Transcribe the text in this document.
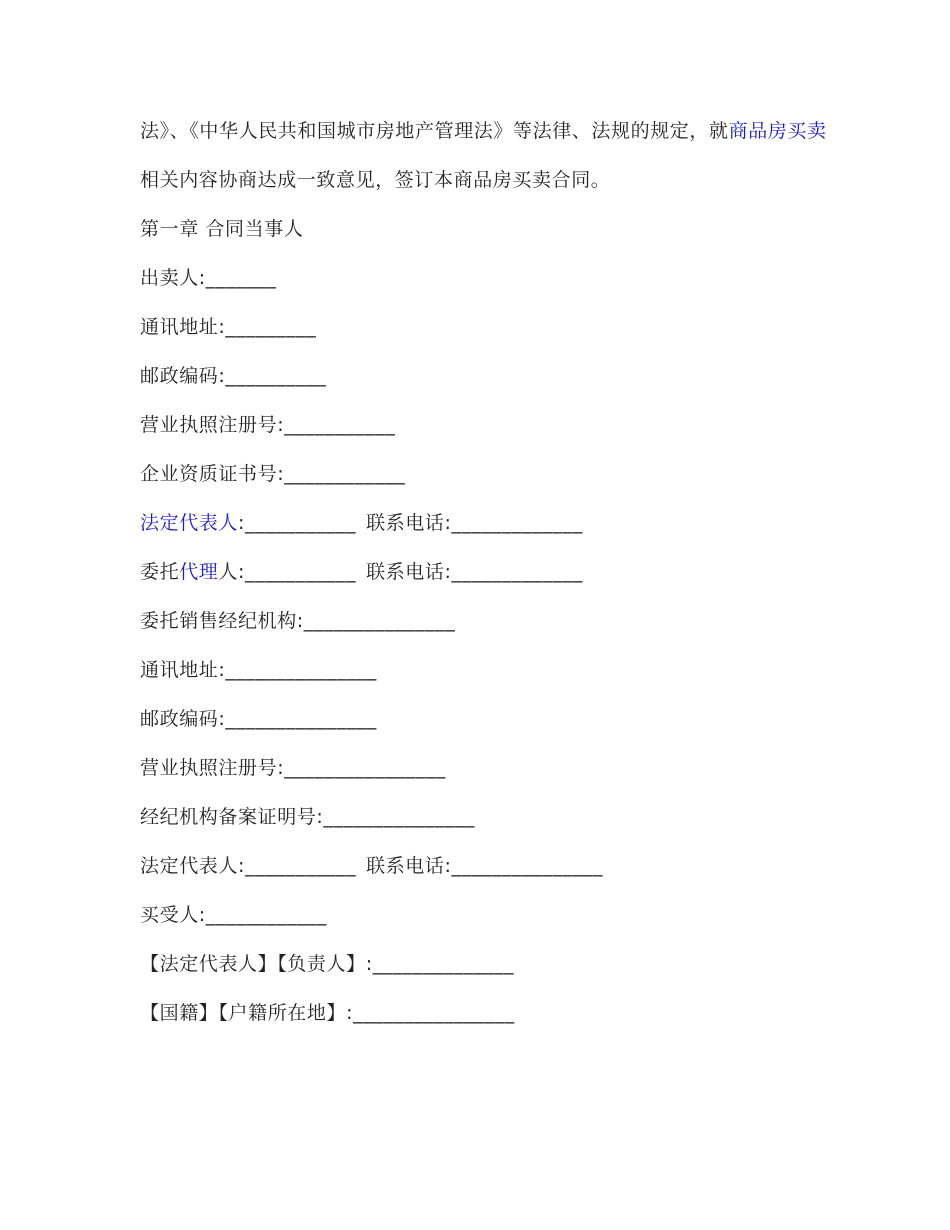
法》、《中华人民共和国城市房地产管理法》等法律、法规的规定，就商品房买卖

相关内容协商达成一致意见，签订本商品房买卖合同。

第一章 合同当事人

出卖人:_______

通讯地址:_________

邮政编码:__________

营业执照注册号:___________

企业资质证书号:____________

法定代表人:___________ 联系电话:_____________

委托代理人:___________ 联系电话:_____________

委托销售经纪机构:_______________

通讯地址:_______________

邮政编码:_______________

营业执照注册号:________________

经纪机构备案证明号:_______________

法定代表人:___________ 联系电话:_______________

买受人:____________

【法定代表人】【负责人】:______________

【国籍】【户籍所在地】:________________
